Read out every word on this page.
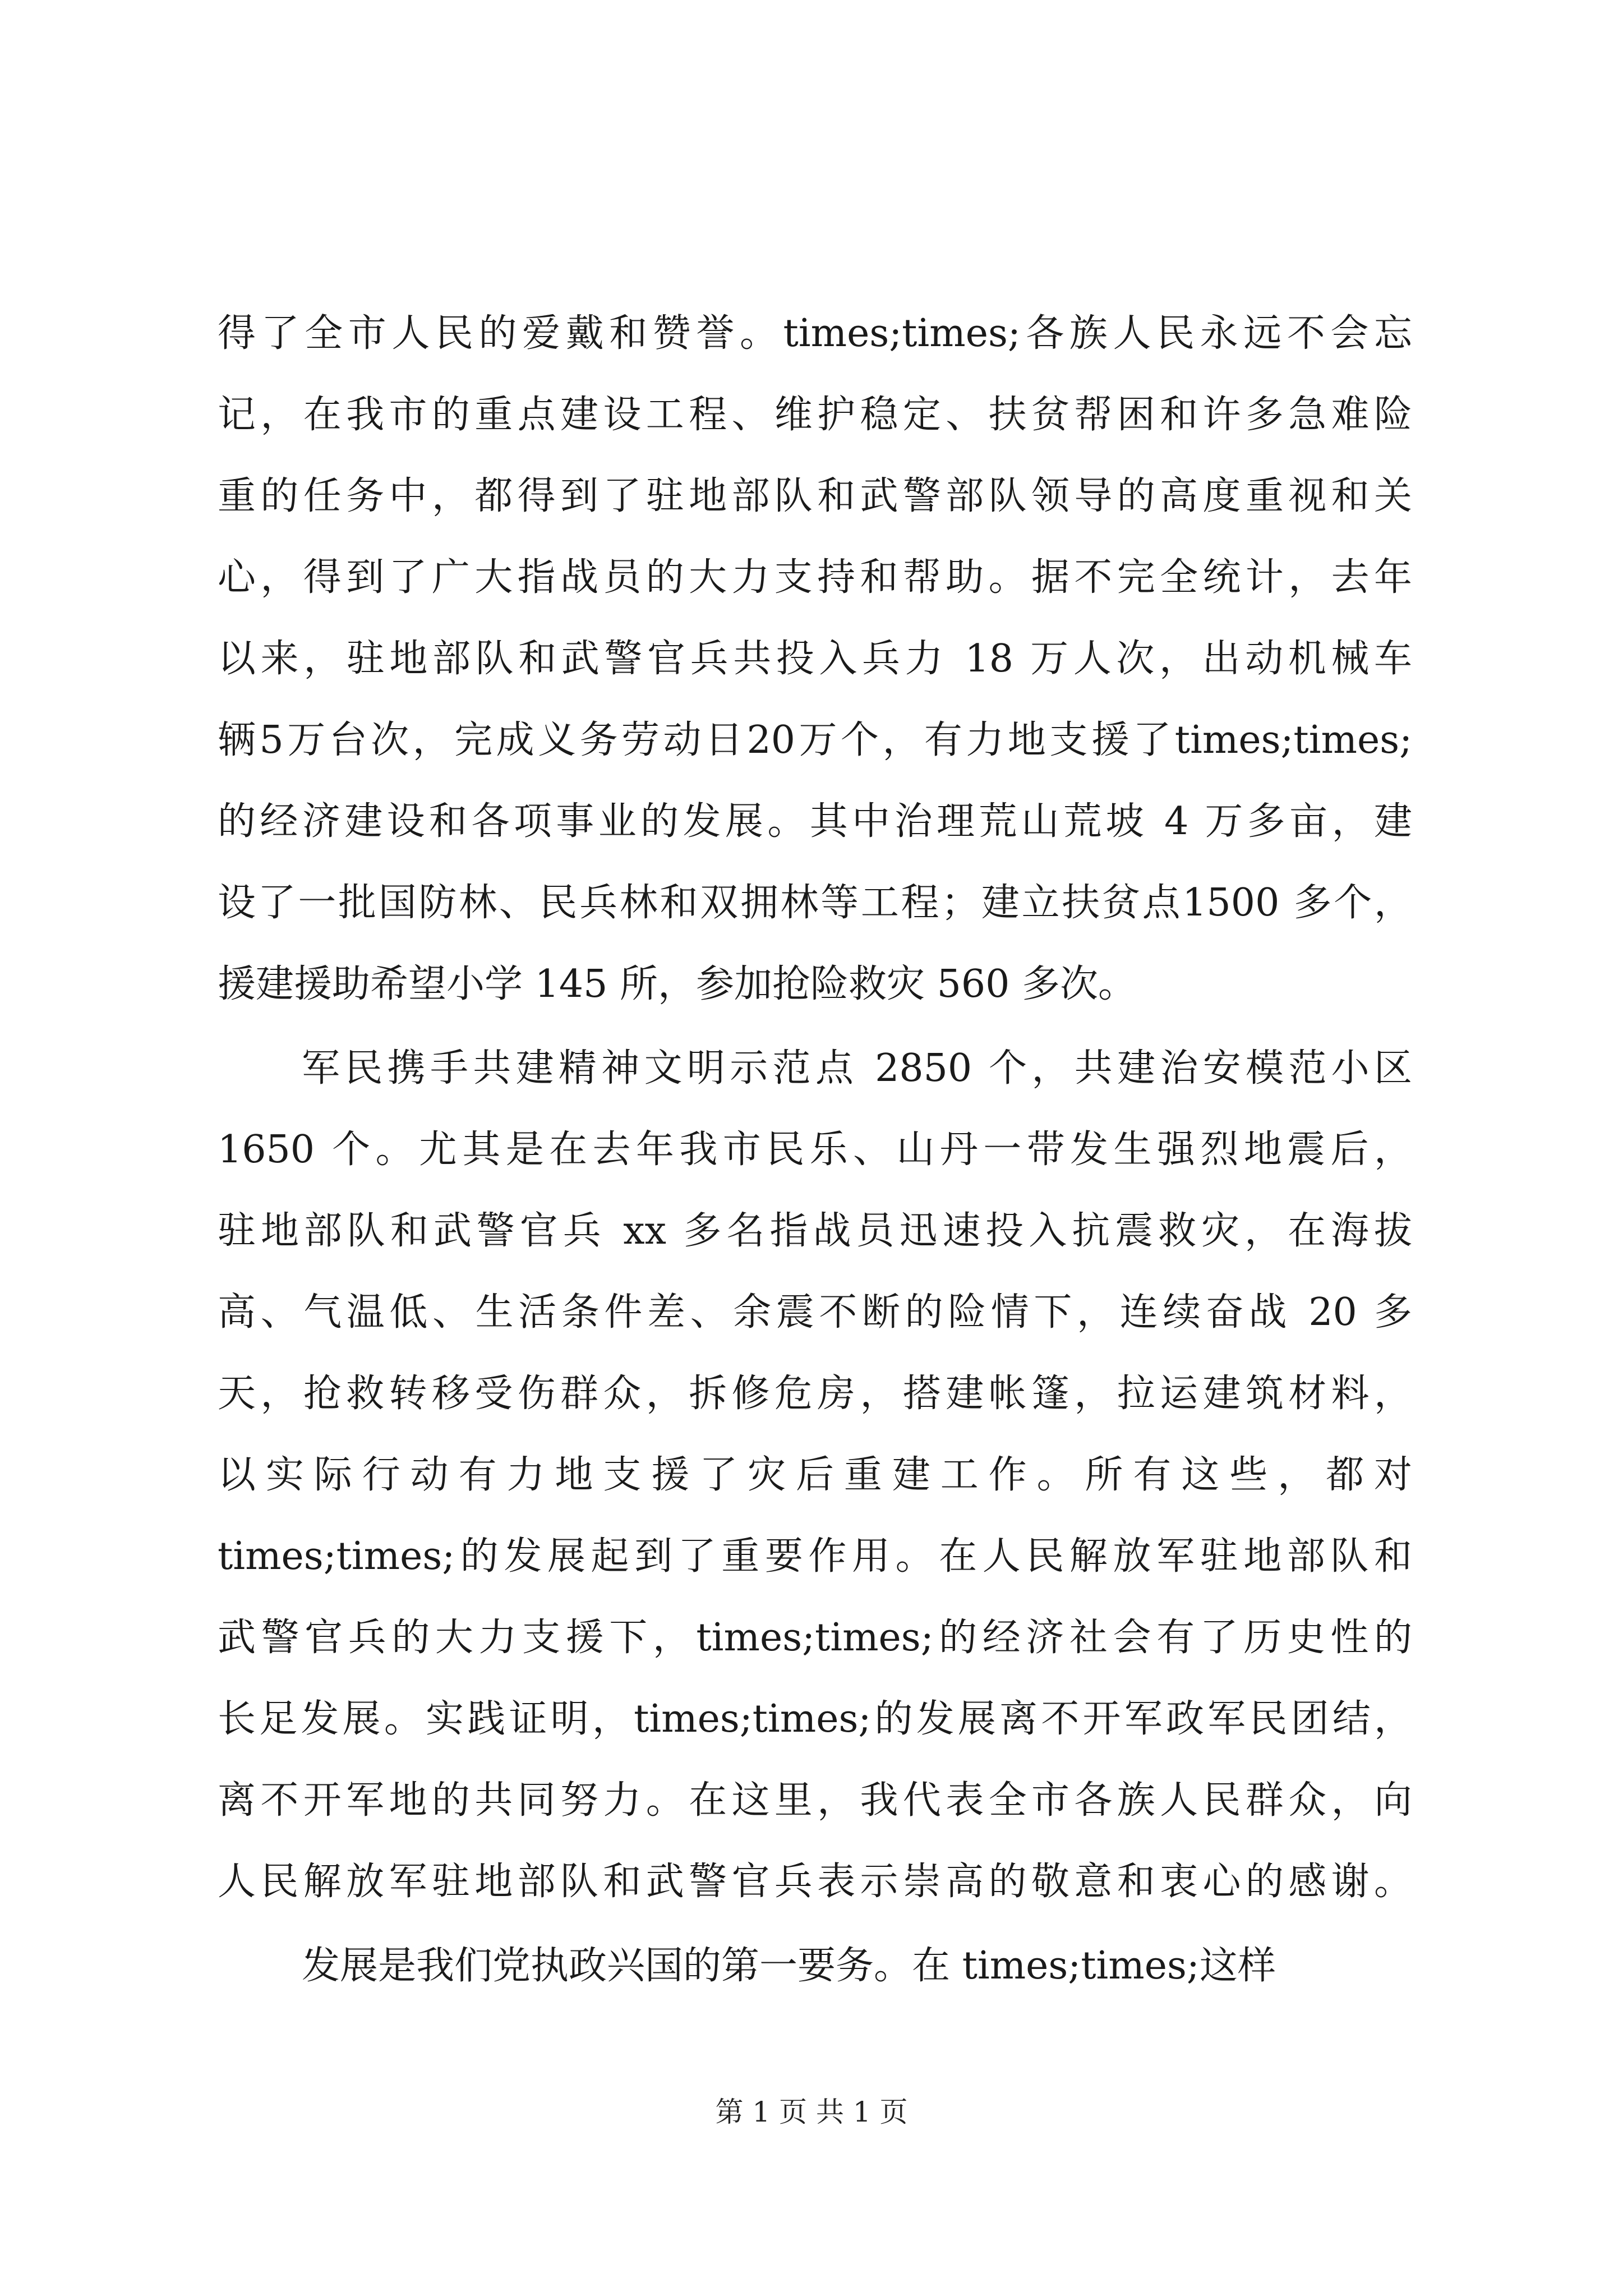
得了全市人民的爱戴和赞誉。times;times;各族人民永远不会忘
记，在我市的重点建设工程、维护稳定、扶贫帮困和许多急难险
重的任务中，都得到了驻地部队和武警部队领导的高度重视和关
心，得到了广大指战员的大力支持和帮助。据不完全统计，去年
以来，驻地部队和武警官兵共投入兵力 18 万人次，出动机械车
辆5万台次，完成义务劳动日20万个，有力地支援了times;times;
的经济建设和各项事业的发展。其中治理荒山荒坡 4 万多亩，建
设了一批国防林、民兵林和双拥林等工程；建立扶贫点1500 多个，
援建援助希望小学 145 所，参加抢险救灾 560 多次。
军民携手共建精神文明示范点 2850 个，共建治安模范小区
1650 个。尤其是在去年我市民乐、山丹一带发生强烈地震后，
驻地部队和武警官兵 xx 多名指战员迅速投入抗震救灾，在海拔
高、气温低、生活条件差、余震不断的险情下，连续奋战 20 多
天，抢救转移受伤群众，拆修危房，搭建帐篷，拉运建筑材料，
以实际行动有力地支援了灾后重建工作。所有这些，都对
times;times;的发展起到了重要作用。在人民解放军驻地部队和
武警官兵的大力支援下，times;times;的经济社会有了历史性的
长足发展。实践证明，times;times;的发展离不开军政军民团结，
离不开军地的共同努力。在这里，我代表全市各族人民群众，向
人民解放军驻地部队和武警官兵表示崇高的敬意和衷心的感谢。
发展是我们党执政兴国的第一要务。在 times;times;这样
第 1 页 共 1 页
